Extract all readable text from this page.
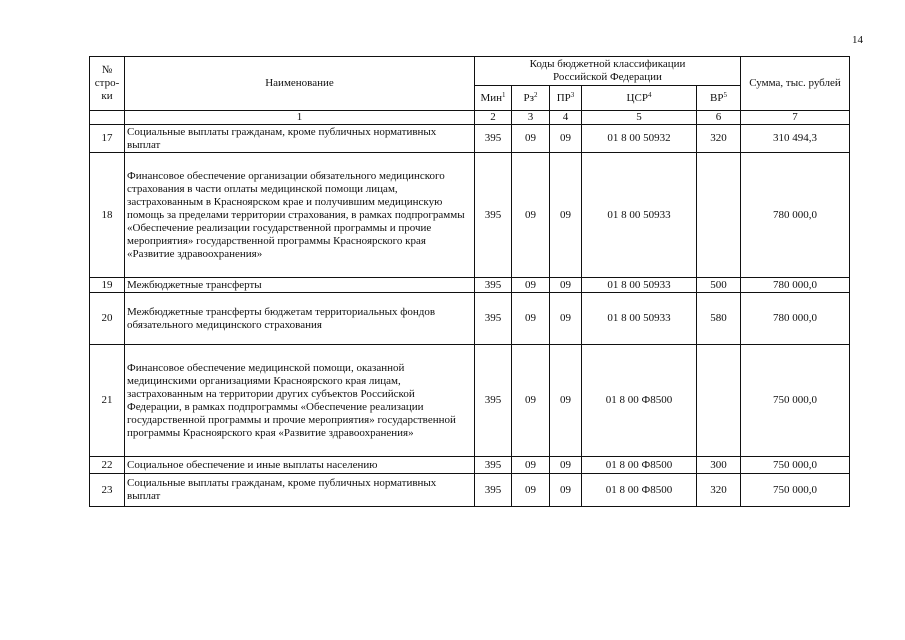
14
№
стро-
ки	Наименование	Коды бюджетной классификации Российской Федерации					Сумма, тыс. рублей
		Мин$^1$	$Рз^2$	$ПР^3$	ЦСР$^4$	$ВР^5$
	1	2	3	4	5	6	7
17	Социальные выплаты гражданам, кроме публичных нормативных выплат	395	09	09	01 8 00 50932	320	310 494,3
18	Финансовое обеспечение организации обязательного медицинского страхования в части оплаты медицинской помощи лицам, застрахованным в Красноярском крае и получившим медицинскую помощь за пределами территории страхования, в рамках подпрограммы «Обеспечение реализации государственной программы и прочие мероприятия» государственной программы Красноярского края «Развитие здравоохранения»	395	09	09	01 8 00 50933		780 000,0
19	Межбюджетные трансферты	395	09	09	01 8 00 50933	500	780 000,0
20	Межбюджетные трансферты бюджетам территориальных фондов обязательного медицинского страхования	395	09	09	01 8 00 50933	580	780 000,0
21	Финансовое обеспечение медицинской помощи, оказанной медицинскими организациями Красноярского края лицам, застрахованным на территории других субъектов Российской Федерации, в рамках подпрограммы «Обеспечение реализации государственной программы и прочие мероприятия» государственной программы Красноярского края «Развитие здравоохранения»	395	09	09	01 8 00 Ф8500		750 000,0
22	Социальное обеспечение и иные выплаты населению	395	09	09	01 8 00 Ф8500	300	750 000,0
23	Социальные выплаты гражданам, кроме публичных нормативных выплат	395	09	09	01 8 00 Ф8500	320	750 000,0
